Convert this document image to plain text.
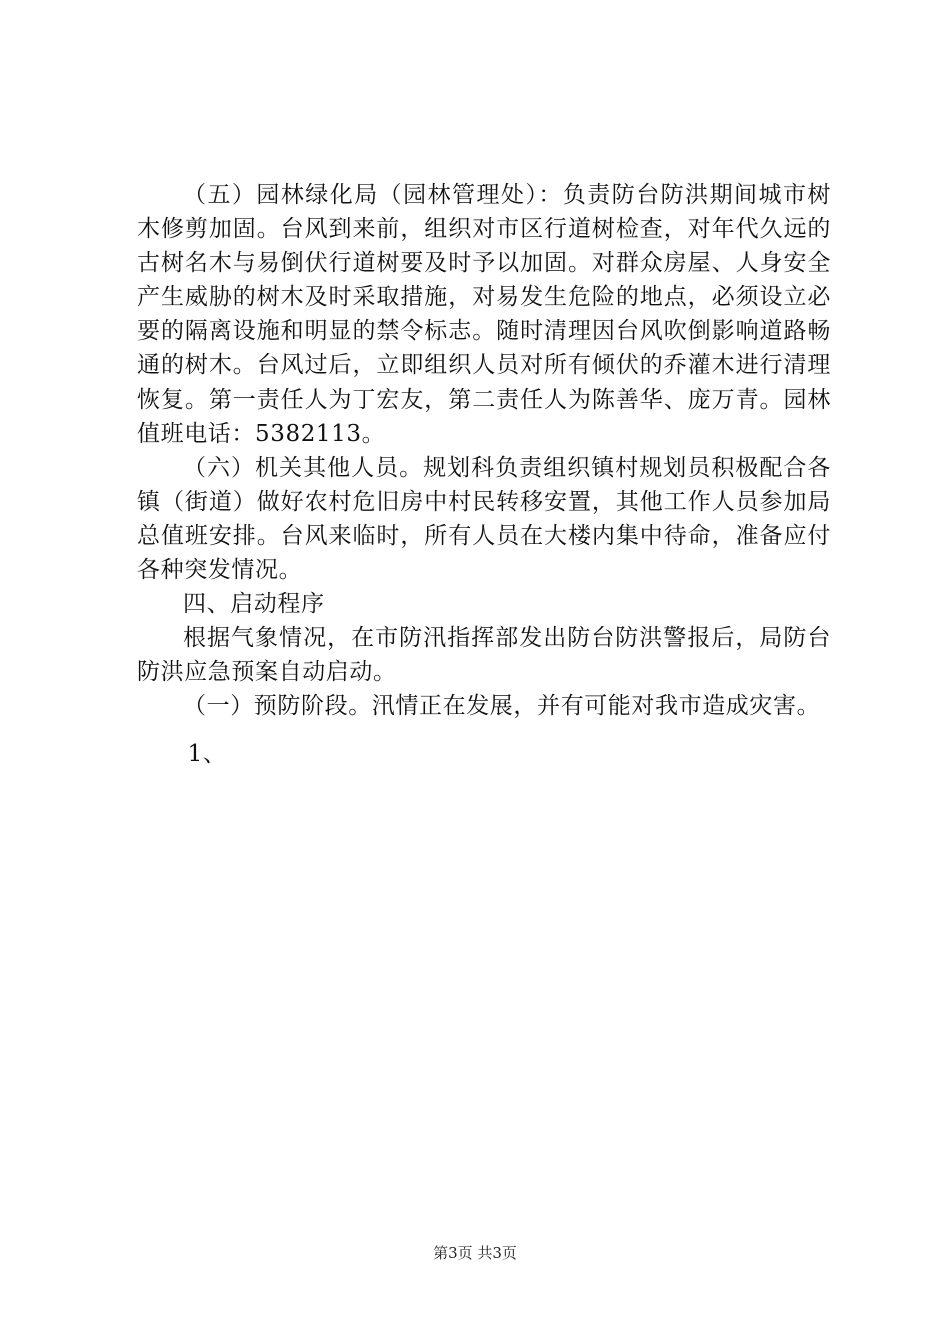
（五）园林绿化局（园林管理处）：负责防台防洪期间城市树木修剪加固。台风到来前，组织对市区行道树检查，对年代久远的古树名木与易倒伏行道树要及时予以加固。对群众房屋、人身安全产生威胁的树木及时采取措施，对易发生危险的地点，必须设立必要的隔离设施和明显的禁令标志。随时清理因台风吹倒影响道路畅通的树木。台风过后，立即组织人员对所有倾伏的乔灌木进行清理恢复。第一责任人为丁宏友，第二责任人为陈善华、庞万青。园林值班电话：5382113。

（六）机关其他人员。规划科负责组织镇村规划员积极配合各镇（街道）做好农村危旧房中村民转移安置，其他工作人员参加局总值班安排。台风来临时，所有人员在大楼内集中待命，准备应付各种突发情况。

四、启动程序

根据气象情况，在市防汛指挥部发出防台防洪警报后，局防台防洪应急预案自动启动。

（一）预防阶段。汛情正在发展，并有可能对我市造成灾害。

1、

第3页 共3页
